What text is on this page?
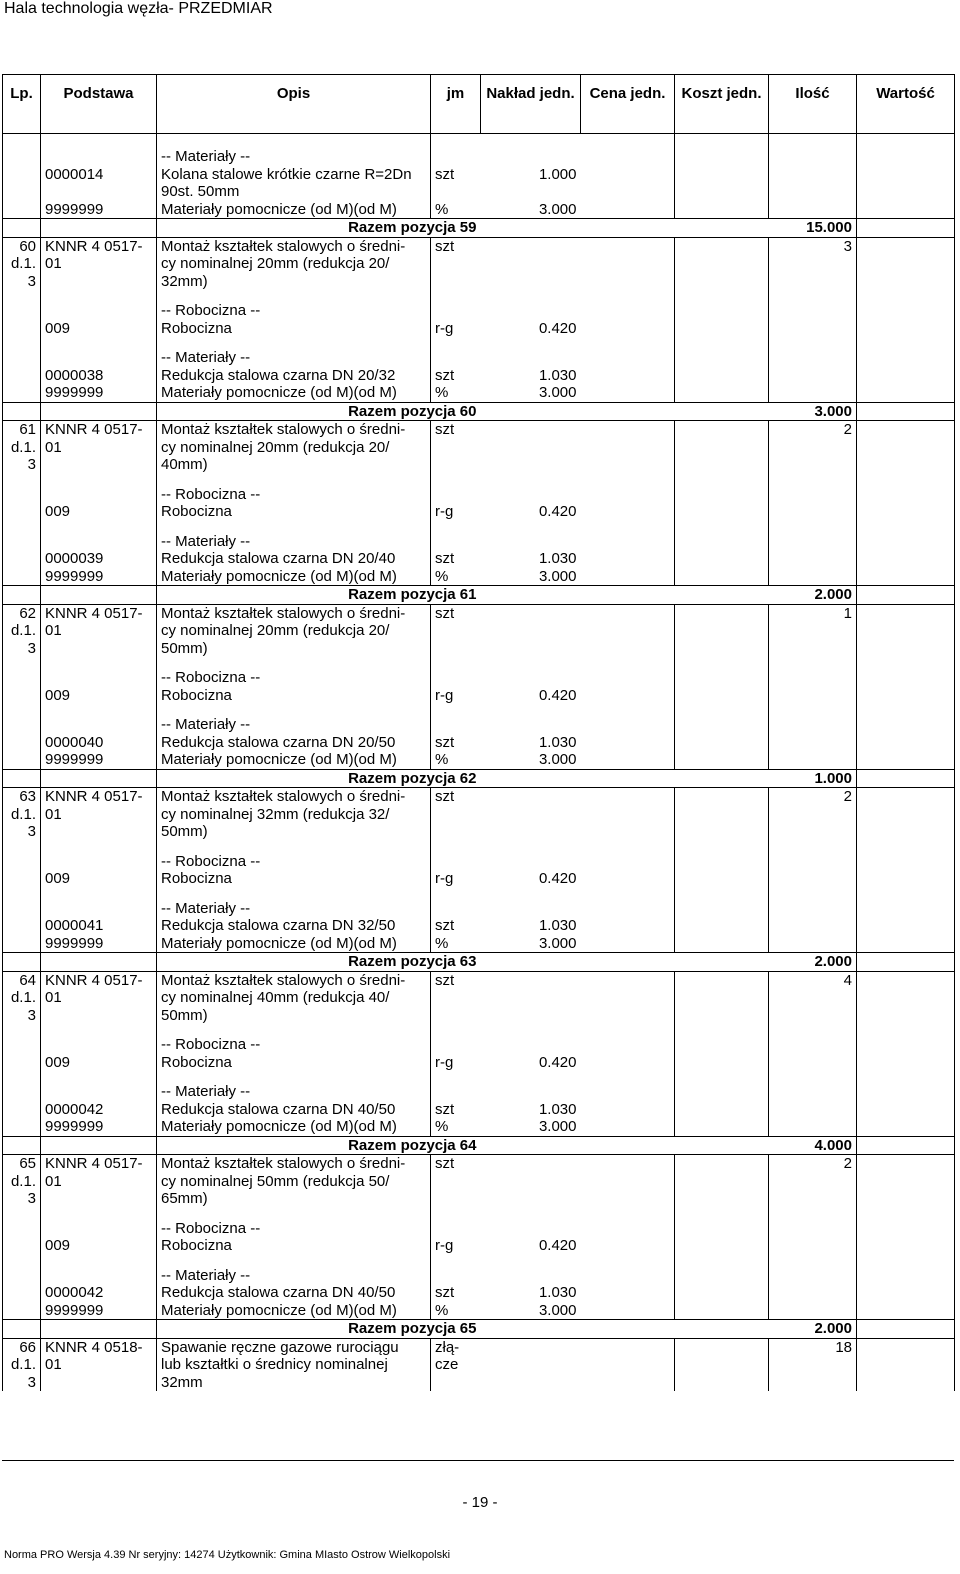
Hala technologia węzła- PRZEDMIAR
Lp.	Podstawa	Opis	jm	Nakład jedn.	Cena jedn.	Koszt jedn.	Ilość	Wartość

		-- Materiały --						
	0000014	Kolana stalowe krótkie czarne R=2Dn	szt	1.000				
		90st. 50mm						
	9999999	Materiały pomocnicze (od M)(od M)	%	3.000				
		Razem pozycja 59					15.000	
60	KNNR 4 0517-	Montaż kształtek stalowych o średni-	szt				3	
d.1.	01	cy nominalnej 20mm (redukcja 20/						
3		32mm)						

		-- Robocizna --						
	009	Robocizna	r-g	0.420				

		-- Materiały --						
	0000038	Redukcja stalowa czarna DN 20/32	szt	1.030				
	9999999	Materiały pomocnicze (od M)(od M)	%	3.000				
		Razem pozycja 60					3.000	
61	KNNR 4 0517-	Montaż kształtek stalowych o średni-	szt				2	
d.1.	01	cy nominalnej 20mm (redukcja 20/						
3		40mm)						

		-- Robocizna --						
	009	Robocizna	r-g	0.420				

		-- Materiały --						
	0000039	Redukcja stalowa czarna DN 20/40	szt	1.030				
	9999999	Materiały pomocnicze (od M)(od M)	%	3.000				
		Razem pozycja 61					2.000	
62	KNNR 4 0517-	Montaż kształtek stalowych o średni-	szt				1	
d.1.	01	cy nominalnej 20mm (redukcja 20/						
3		50mm)						

		-- Robocizna --						
	009	Robocizna	r-g	0.420				

		-- Materiały --						
	0000040	Redukcja stalowa czarna DN 20/50	szt	1.030				
	9999999	Materiały pomocnicze (od M)(od M)	%	3.000				
		Razem pozycja 62					1.000	
63	KNNR 4 0517-	Montaż kształtek stalowych o średni-	szt				2	
d.1.	01	cy nominalnej 32mm (redukcja 32/						
3		50mm)						

		-- Robocizna --						
	009	Robocizna	r-g	0.420				

		-- Materiały --						
	0000041	Redukcja stalowa czarna DN 32/50	szt	1.030				
	9999999	Materiały pomocnicze (od M)(od M)	%	3.000				
		Razem pozycja 63					2.000	
64	KNNR 4 0517-	Montaż kształtek stalowych o średni-	szt				4	
d.1.	01	cy nominalnej 40mm (redukcja 40/						
3		50mm)						

		-- Robocizna --						
	009	Robocizna	r-g	0.420				

		-- Materiały --						
	0000042	Redukcja stalowa czarna DN 40/50	szt	1.030				
	9999999	Materiały pomocnicze (od M)(od M)	%	3.000				
		Razem pozycja 64					4.000	
65	KNNR 4 0517-	Montaż kształtek stalowych o średni-	szt				2	
d.1.	01	cy nominalnej 50mm (redukcja 50/						
3		65mm)						

		-- Robocizna --						
	009	Robocizna	r-g	0.420				

		-- Materiały --						
	0000042	Redukcja stalowa czarna DN 40/50	szt	1.030				
	9999999	Materiały pomocnicze (od M)(od M)	%	3.000				
		Razem pozycja 65					2.000	
66	KNNR 4 0518-	Spawanie ręczne gazowe rurociągu	złą-				18	
d.1.	01	lub kształtki o średnicy nominalnej	cze					
3		32mm						
- 19 -
Norma PRO Wersja 4.39 Nr seryjny: 14274 Użytkownik: Gmina MIasto Ostrow Wielkopolski
